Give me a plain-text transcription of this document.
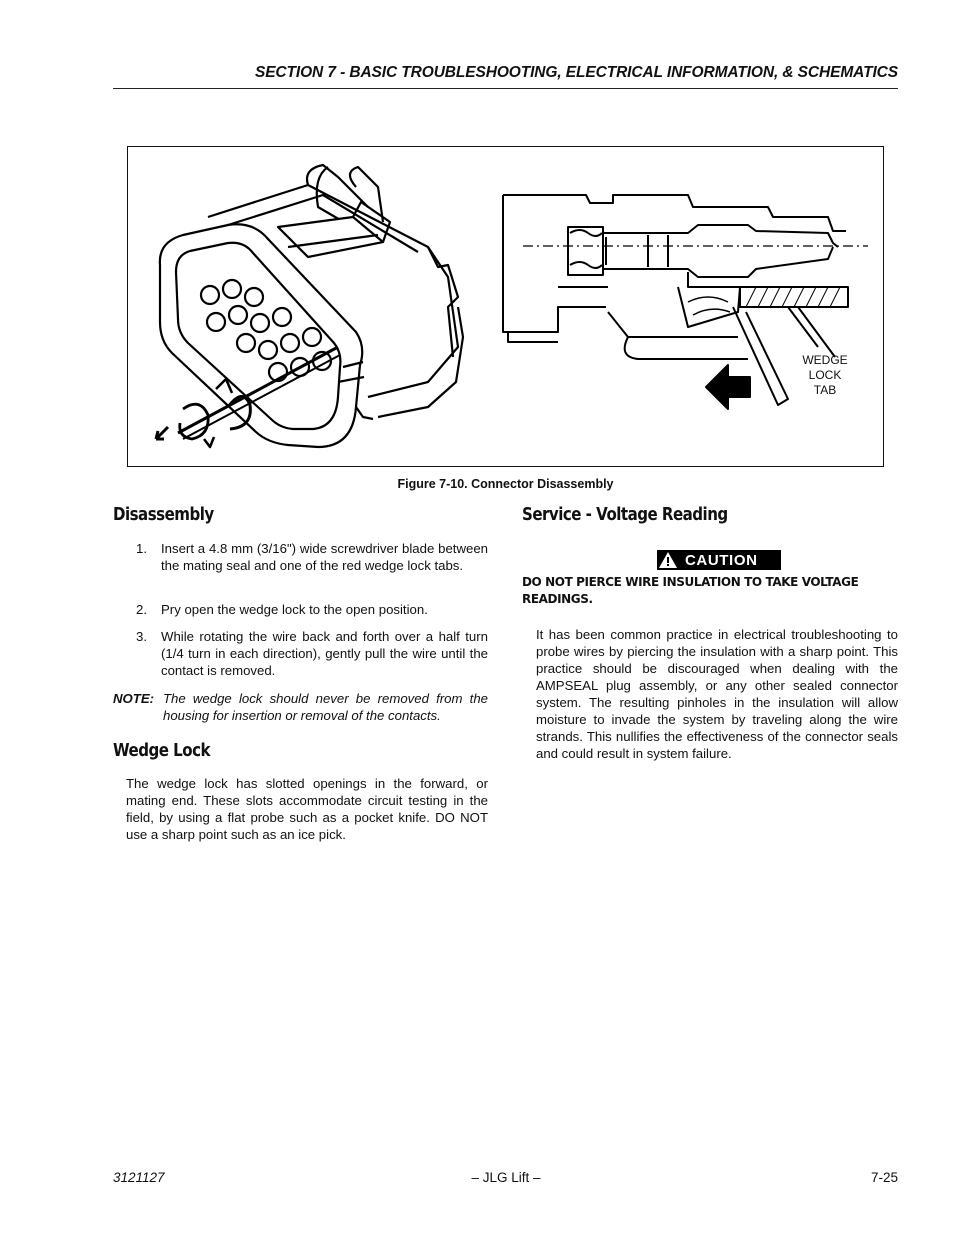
SECTION 7 - BASIC TROUBLESHOOTING, ELECTRICAL INFORMATION, & SCHEMATICS
WEDGE
LOCK
TAB
Figure 7-10. Connector Disassembly
Disassembly
1. Insert a 4.8 mm (3/16") wide screwdriver blade between the mating seal and one of the red wedge lock tabs.
2. Pry open the wedge lock to the open position.
3. While rotating the wire back and forth over a half turn (1/4 turn in each direction), gently pull the wire until the contact is removed.
NOTE: The wedge lock should never be removed from the housing for insertion or removal of the contacts.
Wedge Lock
The wedge lock has slotted openings in the forward, or mating end. These slots accommodate circuit testing in the field, by using a flat probe such as a pocket knife. DO NOT use a sharp point such as an ice pick.
Service - Voltage Reading
CAUTION
DO NOT PIERCE WIRE INSULATION TO TAKE VOLTAGE READINGS.
It has been common practice in electrical troubleshooting to probe wires by piercing the insulation with a sharp point. This practice should be discouraged when dealing with the AMPSEAL plug assembly, or any other sealed connector system. The resulting pinholes in the insulation will allow moisture to invade the system by traveling along the wire strands. This nullifies the effectiveness of the connector seals and could result in system failure.
3121127	– JLG Lift –	7-25
